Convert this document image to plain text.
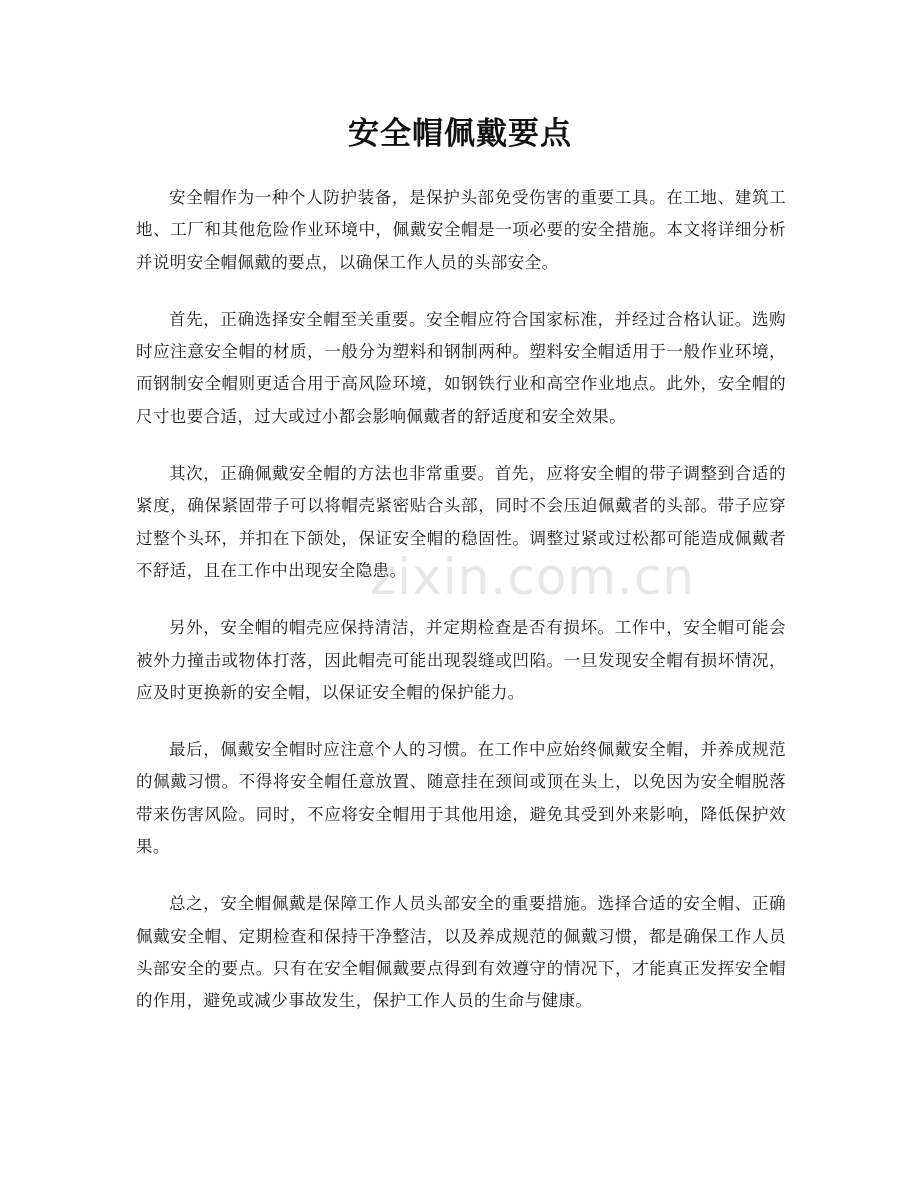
安全帽佩戴要点

安全帽作为一种个人防护装备，是保护头部免受伤害的重要工具。在工地、建筑工地、工厂和其他危险作业环境中，佩戴安全帽是一项必要的安全措施。本文将详细分析并说明安全帽佩戴的要点，以确保工作人员的头部安全。

首先，正确选择安全帽至关重要。安全帽应符合国家标准，并经过合格认证。选购时应注意安全帽的材质，一般分为塑料和钢制两种。塑料安全帽适用于一般作业环境，而钢制安全帽则更适合用于高风险环境，如钢铁行业和高空作业地点。此外，安全帽的尺寸也要合适，过大或过小都会影响佩戴者的舒适度和安全效果。

其次，正确佩戴安全帽的方法也非常重要。首先，应将安全帽的带子调整到合适的紧度，确保紧固带子可以将帽壳紧密贴合头部，同时不会压迫佩戴者的头部。带子应穿过整个头环，并扣在下颌处，保证安全帽的稳固性。调整过紧或过松都可能造成佩戴者不舒适，且在工作中出现安全隐患。

另外，安全帽的帽壳应保持清洁，并定期检查是否有损坏。工作中，安全帽可能会被外力撞击或物体打落，因此帽壳可能出现裂缝或凹陷。一旦发现安全帽有损坏情况，应及时更换新的安全帽，以保证安全帽的保护能力。

最后，佩戴安全帽时应注意个人的习惯。在工作中应始终佩戴安全帽，并养成规范的佩戴习惯。不得将安全帽任意放置、随意挂在颈间或顶在头上，以免因为安全帽脱落带来伤害风险。同时，不应将安全帽用于其他用途，避免其受到外来影响，降低保护效果。

总之，安全帽佩戴是保障工作人员头部安全的重要措施。选择合适的安全帽、正确佩戴安全帽、定期检查和保持干净整洁，以及养成规范的佩戴习惯，都是确保工作人员头部安全的要点。只有在安全帽佩戴要点得到有效遵守的情况下，才能真正发挥安全帽的作用，避免或减少事故发生，保护工作人员的生命与健康。

zixin.com.cn
